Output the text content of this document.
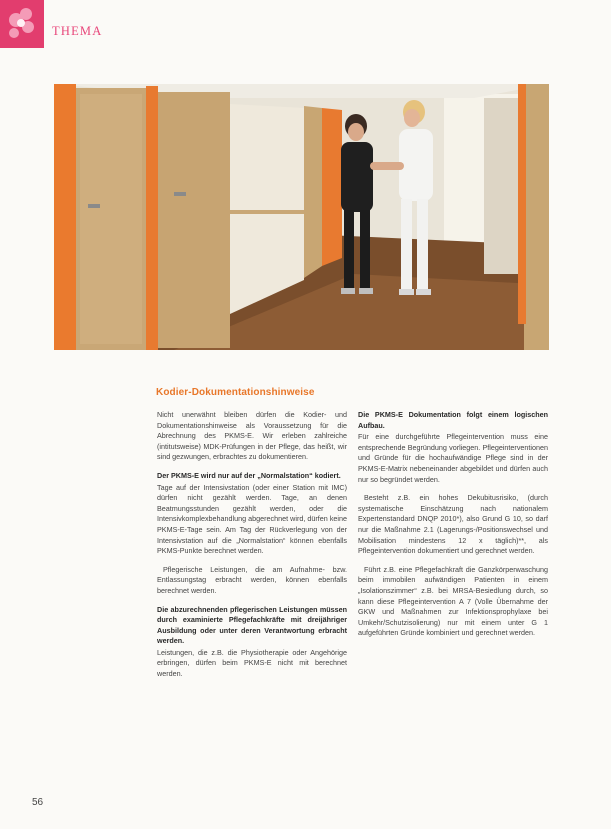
THEMA
Kodier-Dokumentationshinweise

Nicht unerwähnt bleiben dürfen die Kodier- und Dokumentationshinweise als Voraussetzung für die Abrechnung des PKMS-E. Wir erleben zahlreiche (intitutsweise) MDK-Prüfungen in der Pflege, das heißt, wir sind gezwungen, erbrachtes zu dokumentieren.

Der PKMS-E wird nur auf der „Normalstation“ kodiert.

Tage auf der Intensivstation (oder einer Station mit IMC) dürfen nicht gezählt werden. Tage, an denen Beatmungsstunden gezählt werden, oder die Intensivkomplexbehandlung abgerechnet wird, dürfen keine PKMS-E-Tage sein. Am Tag der Rückverlegung von der Intensivstation auf die „Normalstation“ können ebenfalls PKMS-Punkte berechnet werden.

Pflegerische Leistungen, die am Aufnahme- bzw. Entlassungstag erbracht werden, können ebenfalls berechnet werden.

Die abzurechnenden pflegerischen Leistungen müssen durch examinierte Pflegefachkräfte mit dreijähriger Ausbildung oder unter deren Verantwortung erbracht werden.

Leistungen, die z.B. die Physiotherapie oder Angehörige erbringen, dürfen beim PKMS-E nicht mit berechnet werden.

Die PKMS-E Dokumentation folgt einem logischen Aufbau.

Für eine durchgeführte Pflegeintervention muss eine entsprechende Begründung vorliegen. Pflegeinterventionen und Gründe für die hochaufwändige Pflege sind in der PKMS-E-Matrix nebeneinander abgebildet und dürfen auch nur so begründet werden.

Besteht z.B. ein hohes Dekubitusrisiko, (durch systematische Einschätzung nach nationalem Expertenstandard DNQP 2010*), also Grund G 10, so darf nur die Maßnahme 2.1 (Lagerungs-/Positionswechsel und Mobilisation mindestens 12 x täglich)**, als Pflegeintervention dokumentiert und gerechnet werden.

Führt z.B. eine Pflegefachkraft die Ganzkörperwaschung beim immobilen aufwändigen Patienten in einem „Isolationszimmer“ z.B. bei MRSA-Besiedlung durch, so kann diese Pflegeintervention A 7 (Volle Übernahme der GKW und Maßnahmen zur Infektionsprophylaxe bei Umkehr/Schutzisolierung) nur mit einem unter G 1 aufgeführten Gründe kombiniert und gerechnet werden.

56
